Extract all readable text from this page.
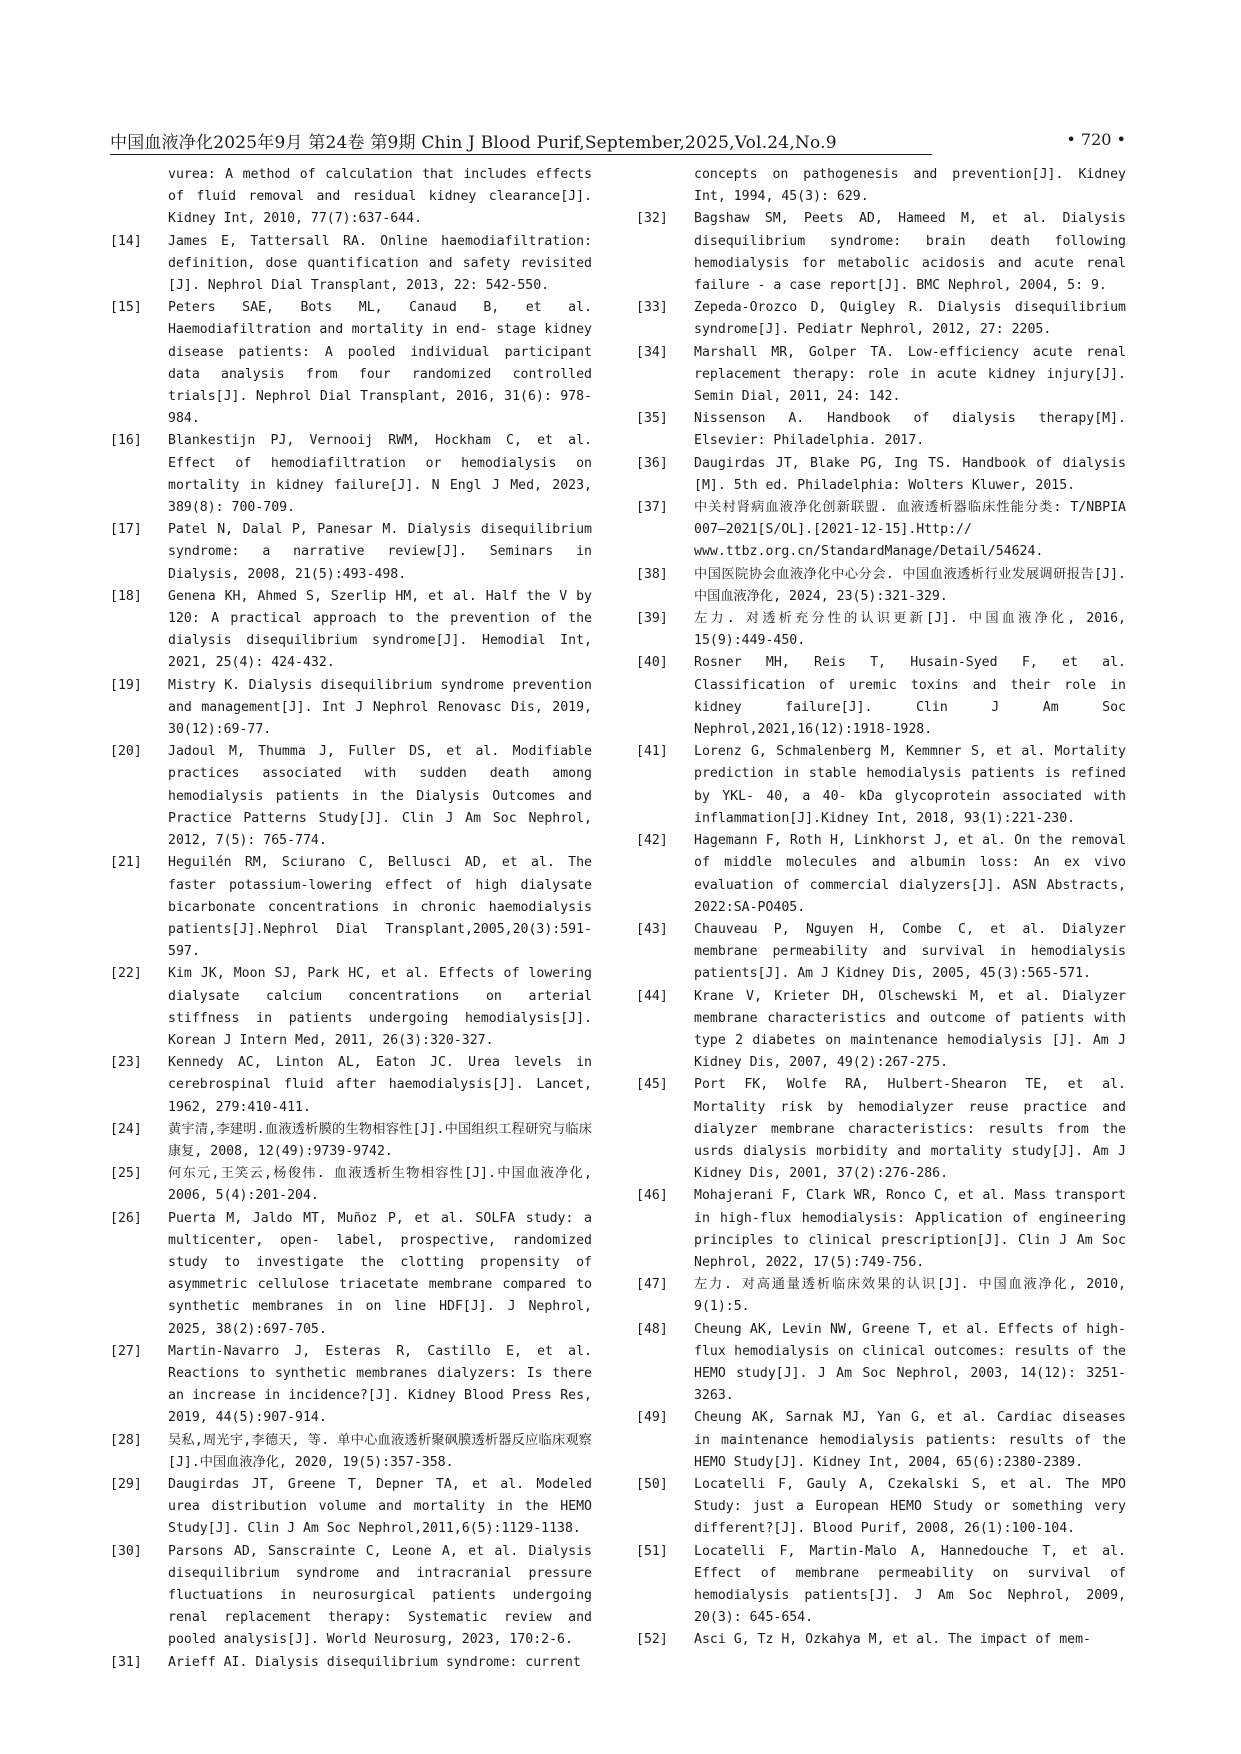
中国血液净化2025年9月 第24卷 第9期 Chin J Blood Purif,September,2025,Vol.24,No.9	• 720 •

vurea: A method of calculation that includes effects of fluid removal and residual kidney clearance[J]. Kidney Int, 2010, 77(7):637-644.

[14] James E, Tattersall RA. Online haemodiafiltration: definition, dose quantification and safety revisited [J]. Nephrol Dial Transplant, 2013, 22: 542-550.

[15] Peters SAE, Bots ML, Canaud B, et al. Haemodiafiltration and mortality in end- stage kidney disease patients: A pooled individual participant data analysis from four randomized controlled trials[J]. Nephrol Dial Transplant, 2016, 31(6): 978-984.

[16] Blankestijn PJ, Vernooij RWM, Hockham C, et al. Effect of hemodiafiltration or hemodialysis on mortality in kidney failure[J]. N Engl J Med, 2023, 389(8): 700-709.

[17] Patel N, Dalal P, Panesar M. Dialysis disequilibrium syndrome: a narrative review[J]. Seminars in Dialysis, 2008, 21(5):493-498.

[18] Genena KH, Ahmed S, Szerlip HM, et al. Half the V by 120: A practical approach to the prevention of the dialysis disequilibrium syndrome[J]. Hemodial Int, 2021, 25(4): 424-432.

[19] Mistry K. Dialysis disequilibrium syndrome prevention and management[J]. Int J Nephrol Renovasc Dis, 2019, 30(12):69-77.

[20] Jadoul M, Thumma J, Fuller DS, et al. Modifiable practices associated with sudden death among hemodialysis patients in the Dialysis Outcomes and Practice Patterns Study[J]. Clin J Am Soc Nephrol, 2012, 7(5): 765-774.

[21] Heguilén RM, Sciurano C, Bellusci AD, et al. The faster potassium-lowering effect of high dialysate bicarbonate concentrations in chronic haemodialysis patients[J].Nephrol Dial Transplant,2005,20(3):591-597.

[22] Kim JK, Moon SJ, Park HC, et al. Effects of lowering dialysate calcium concentrations on arterial stiffness in patients undergoing hemodialysis[J]. Korean J Intern Med, 2011, 26(3):320-327.

[23] Kennedy AC, Linton AL, Eaton JC. Urea levels in cerebrospinal fluid after haemodialysis[J]. Lancet, 1962, 279:410-411.

[24] 黄宇清,李建明.血液透析膜的生物相容性[J].中国组织工程研究与临床康复, 2008, 12(49):9739-9742.

[25] 何东元,王笑云,杨俊伟. 血液透析生物相容性[J].中国血液净化, 2006, 5(4):201-204.

[26] Puerta M, Jaldo MT, Muñoz P, et al. SOLFA study: a multicenter, open- label, prospective, randomized study to investigate the clotting propensity of asymmetric cellulose triacetate membrane compared to synthetic membranes in on line HDF[J]. J Nephrol, 2025, 38(2):697-705.

[27] Martin-Navarro J, Esteras R, Castillo E, et al. Reactions to synthetic membranes dialyzers: Is there an increase in incidence?[J]. Kidney Blood Press Res, 2019, 44(5):907-914.

[28] 吴私,周光宇,李德天, 等. 单中心血液透析聚砜膜透析器反应临床观察[J].中国血液净化, 2020, 19(5):357-358.

[29] Daugirdas JT, Greene T, Depner TA, et al. Modeled urea distribution volume and mortality in the HEMO Study[J]. Clin J Am Soc Nephrol,2011,6(5):1129-1138.

[30] Parsons AD, Sanscrainte C, Leone A, et al. Dialysis disequilibrium syndrome and intracranial pressure fluctuations in neurosurgical patients undergoing renal replacement therapy: Systematic review and pooled analysis[J]. World Neurosurg, 2023, 170:2-6.

[31] Arieff AI. Dialysis disequilibrium syndrome: current

concepts on pathogenesis and prevention[J]. Kidney Int, 1994, 45(3): 629.

[32] Bagshaw SM, Peets AD, Hameed M, et al. Dialysis disequilibrium syndrome: brain death following hemodialysis for metabolic acidosis and acute renal failure - a case report[J]. BMC Nephrol, 2004, 5: 9.

[33] Zepeda-Orozco D, Quigley R. Dialysis disequilibrium syndrome[J]. Pediatr Nephrol, 2012, 27: 2205.

[34] Marshall MR, Golper TA. Low-efficiency acute renal replacement therapy: role in acute kidney injury[J]. Semin Dial, 2011, 24: 142.

[35] Nissenson A. Handbook of dialysis therapy[M]. Elsevier: Philadelphia. 2017.

[36] Daugirdas JT, Blake PG, Ing TS. Handbook of dialysis [M]. 5th ed. Philadelphia: Wolters Kluwer, 2015.

[37] 中关村肾病血液净化创新联盟. 血液透析器临床性能分类: T/NBPIA 007—2021[S/OL].[2021-12-15].Http:// www.ttbz.org.cn/StandardManage/Detail/54624.

[38] 中国医院协会血液净化中心分会. 中国血液透析行业发展调研报告[J]. 中国血液净化, 2024, 23(5):321-329.

[39] 左力. 对透析充分性的认识更新[J]. 中国血液净化, 2016, 15(9):449-450.

[40] Rosner MH, Reis T, Husain-Syed F, et al. Classification of uremic toxins and their role in kidney failure[J]. Clin J Am Soc Nephrol,2021,16(12):1918-1928.

[41] Lorenz G, Schmalenberg M, Kemmner S, et al. Mortality prediction in stable hemodialysis patients is refined by YKL- 40, a 40- kDa glycoprotein associated with inflammation[J].Kidney Int, 2018, 93(1):221-230.

[42] Hagemann F, Roth H, Linkhorst J, et al. On the removal of middle molecules and albumin loss: An ex vivo evaluation of commercial dialyzers[J]. ASN Abstracts, 2022:SA-PO405.

[43] Chauveau P, Nguyen H, Combe C, et al. Dialyzer membrane permeability and survival in hemodialysis patients[J]. Am J Kidney Dis, 2005, 45(3):565-571.

[44] Krane V, Krieter DH, Olschewski M, et al. Dialyzer membrane characteristics and outcome of patients with type 2 diabetes on maintenance hemodialysis [J]. Am J Kidney Dis, 2007, 49(2):267-275.

[45] Port FK, Wolfe RA, Hulbert-Shearon TE, et al. Mortality risk by hemodialyzer reuse practice and dialyzer membrane characteristics: results from the usrds dialysis morbidity and mortality study[J]. Am J Kidney Dis, 2001, 37(2):276-286.

[46] Mohajerani F, Clark WR, Ronco C, et al. Mass transport in high-flux hemodialysis: Application of engineering principles to clinical prescription[J]. Clin J Am Soc Nephrol, 2022, 17(5):749-756.

[47] 左力. 对高通量透析临床效果的认识[J]. 中国血液净化, 2010, 9(1):5.

[48] Cheung AK, Levin NW, Greene T, et al. Effects of high-flux hemodialysis on clinical outcomes: results of the HEMO study[J]. J Am Soc Nephrol, 2003, 14(12): 3251-3263.

[49] Cheung AK, Sarnak MJ, Yan G, et al. Cardiac diseases in maintenance hemodialysis patients: results of the HEMO Study[J]. Kidney Int, 2004, 65(6):2380-2389.

[50] Locatelli F, Gauly A, Czekalski S, et al. The MPO Study: just a European HEMO Study or something very different?[J]. Blood Purif, 2008, 26(1):100-104.

[51] Locatelli F, Martin-Malo A, Hannedouche T, et al. Effect of membrane permeability on survival of hemodialysis patients[J]. J Am Soc Nephrol, 2009, 20(3): 645-654.

[52] Asci G, Tz H, Ozkahya M, et al. The impact of mem-
